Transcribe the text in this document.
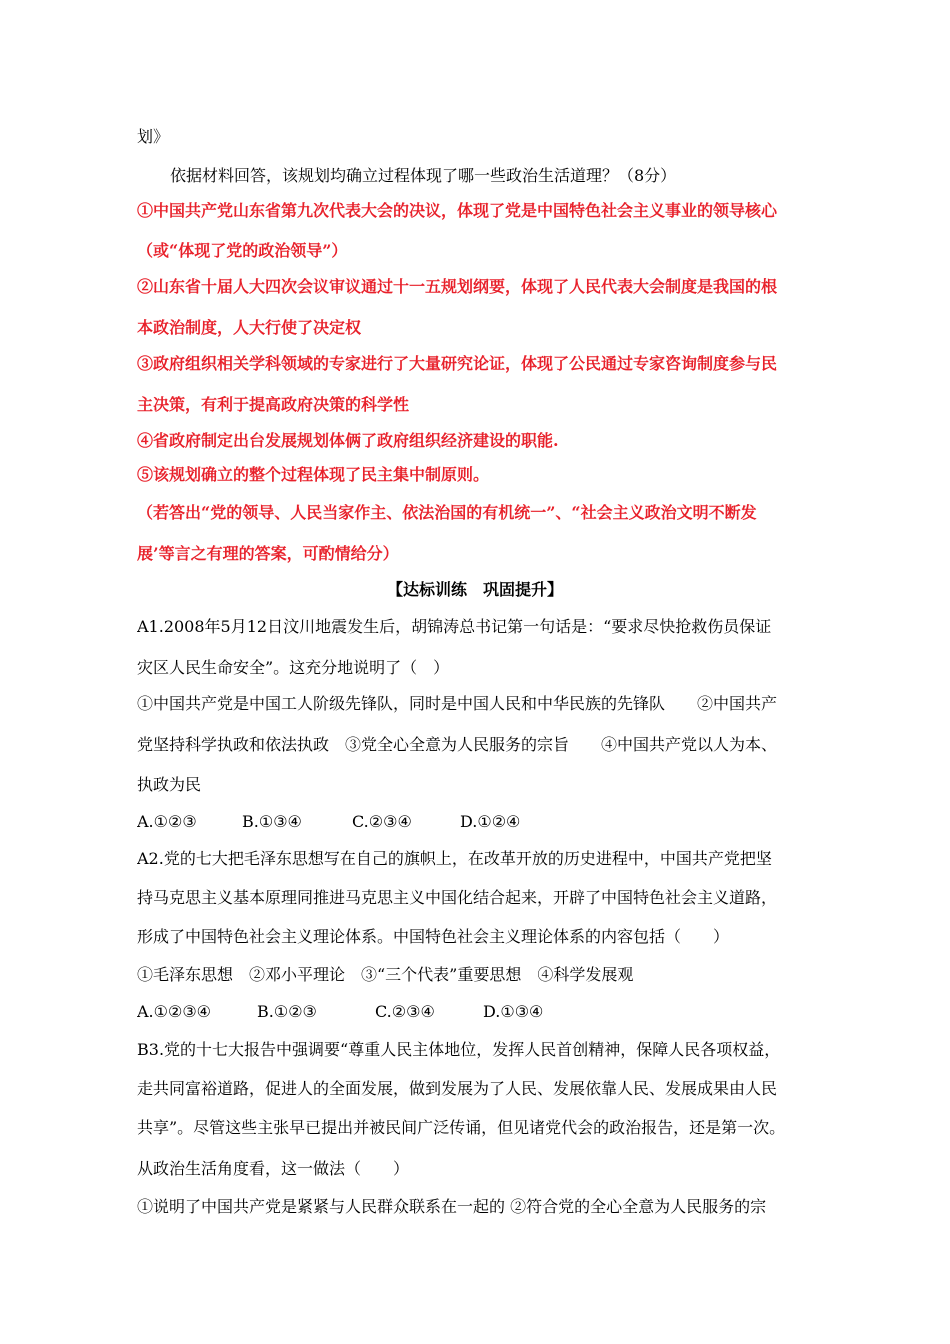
划》
依据材料回答，该规划均确立过程体现了哪一些政治生活道理？（8分）
①中国共产党山东省第九次代表大会的决议，体现了党是中国特色社会主义事业的领导核心
（或“体现了党的政治领导”）
②山东省十届人大四次会议审议通过十一五规划纲要，体现了人民代表大会制度是我国的根
本政治制度，人大行使了决定权
③政府组织相关学科领域的专家进行了大量研究论证，体现了公民通过专家咨询制度参与民
主决策，有利于提高政府决策的科学性
④省政府制定出台发展规划体俩了政府组织经济建设的职能.
⑤该规划确立的整个过程体现了民主集中制原则。
（若答出“党的领导、人民当家作主、依法治国的有机统一”、“社会主义政治文明不断发
展’等言之有理的答案，可酌情给分）
【达标训练　巩固提升】
A1.2008年5月12日汶川地震发生后，胡锦涛总书记第一句话是：“要求尽快抢救伤员保证
灾区人民生命安全”。这充分地说明了（　）
①中国共产党是中国工人阶级先锋队，同时是中国人民和中华民族的先锋队　　②中国共产
党坚持科学执政和依法执政　③党全心全意为人民服务的宗旨　　④中国共产党以人为本、
执政为民
A.①②③	B.①③④	C.②③④	D.①②④
A2.党的七大把毛泽东思想写在自己的旗帜上，在改革开放的历史进程中，中国共产党把坚
持马克思主义基本原理同推进马克思主义中国化结合起来，开辟了中国特色社会主义道路，
形成了中国特色社会主义理论体系。中国特色社会主义理论体系的内容包括（　　）
①毛泽东思想　②邓小平理论　③“三个代表”重要思想　④科学发展观
A.①②③④	B.①②③	C.②③④	D.①③④
B3.党的十七大报告中强调要“尊重人民主体地位，发挥人民首创精神，保障人民各项权益，
走共同富裕道路，促进人的全面发展，做到发展为了人民、发展依靠人民、发展成果由人民
共享”。尽管这些主张早已提出并被民间广泛传诵，但见诸党代会的政治报告，还是第一次。
从政治生活角度看，这一做法（　　）
①说明了中国共产党是紧紧与人民群众联系在一起的 ②符合党的全心全意为人民服务的宗
